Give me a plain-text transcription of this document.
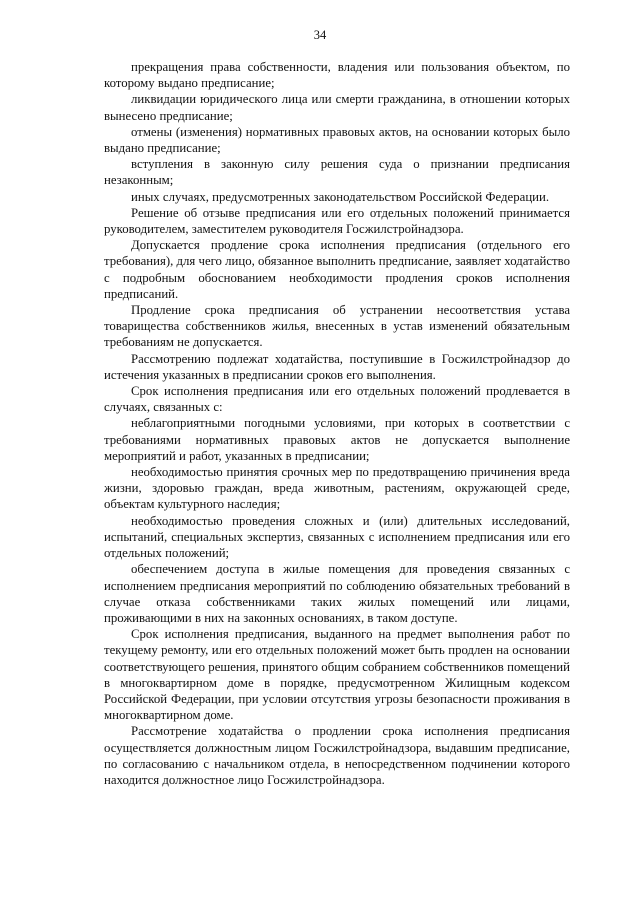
34

прекращения права собственности, владения или пользования объектом, по которому выдано предписание;

ликвидации юридического лица или смерти гражданина, в отношении которых вынесено предписание;

отмены (изменения) нормативных правовых актов, на основании которых было выдано предписание;

вступления в законную силу решения суда о признании предписания незаконным;

иных случаях, предусмотренных законодательством Российской Федерации.

Решение об отзыве предписания или его отдельных положений принимается руководителем, заместителем руководителя Госжилстройнадзора.

Допускается продление срока исполнения предписания (отдельного его требования), для чего лицо, обязанное выполнить предписание, заявляет ходатайство с подробным обоснованием необходимости продления сроков исполнения предписаний.

Продление срока предписания об устранении несоответствия устава товарищества собственников жилья, внесенных в устав изменений обязательным требованиям не допускается.

Рассмотрению подлежат ходатайства, поступившие в Госжилстройнадзор до истечения указанных в предписании сроков его выполнения.

Срок исполнения предписания или его отдельных положений продлевается в случаях, связанных с:

неблагоприятными погодными условиями, при которых в соответствии с требованиями нормативных правовых актов не допускается выполнение мероприятий и работ, указанных в предписании;

необходимостью принятия срочных мер по предотвращению причинения вреда жизни, здоровью граждан, вреда животным, растениям, окружающей среде, объектам культурного наследия;

необходимостью проведения сложных и (или) длительных исследований, испытаний, специальных экспертиз, связанных с исполнением предписания или его отдельных положений;

обеспечением доступа в жилые помещения для проведения связанных с исполнением предписания мероприятий по соблюдению обязательных требований в случае отказа собственниками таких жилых помещений или лицами, проживающими в них на законных основаниях, в таком доступе.

Срок исполнения предписания, выданного на предмет выполнения работ по текущему ремонту, или его отдельных положений может быть продлен на основании соответствующего решения, принятого общим собранием собственников помещений в многоквартирном доме в порядке, предусмотренном Жилищным кодексом Российской Федерации, при условии отсутствия угрозы безопасности проживания в многоквартирном доме.

Рассмотрение ходатайства о продлении срока исполнения предписания осуществляется должностным лицом Госжилстройнадзора, выдавшим предписание, по согласованию с начальником отдела, в непосредственном подчинении которого находится должностное лицо Госжилстройнадзора.
